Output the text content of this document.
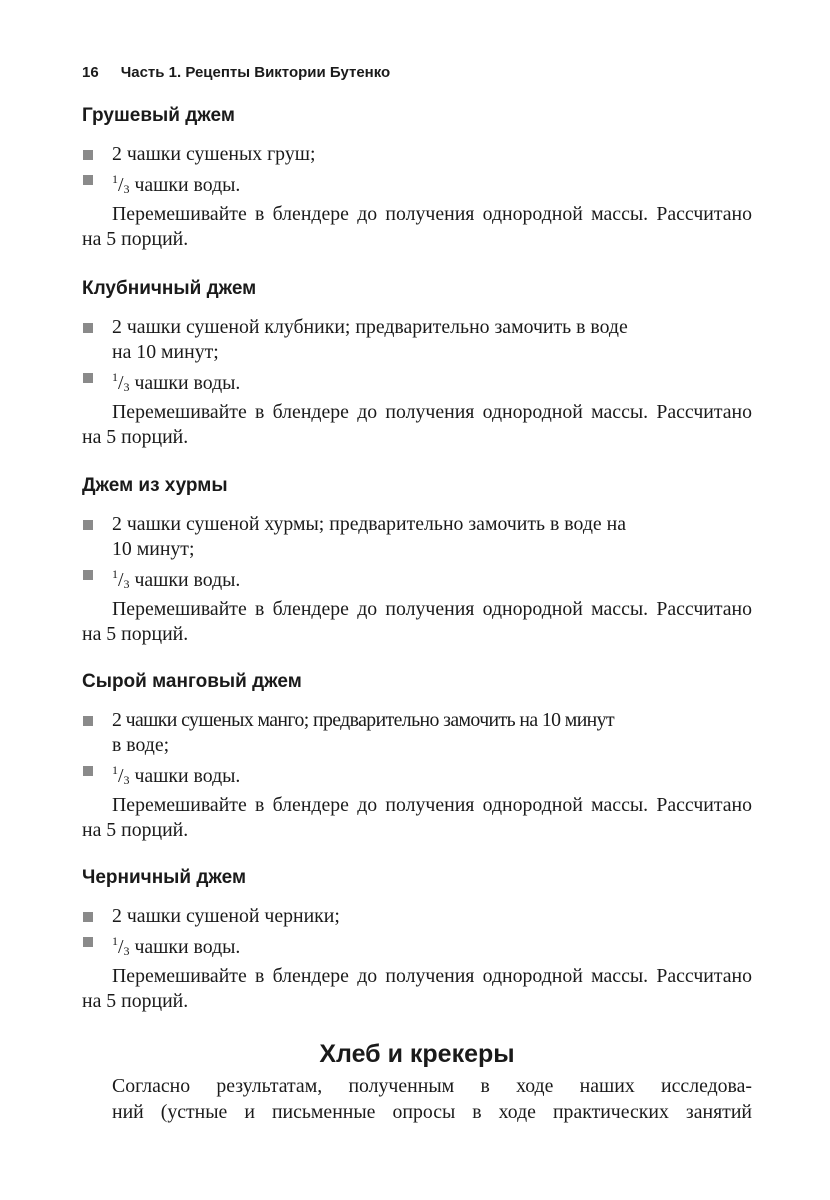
16 Часть 1. Рецепты Виктории Бутенко
Грушевый джем
2 чашки сушеных груш;
$^1$/3 чашки воды.

Перемешивайте в блендере до получения однородной массы. Рассчитано на 5 порций.

Клубничный джем
2 чашки сушеной клубники; предварительно замочить в воде
на 10 минут;
$^1$/3 чашки воды.

Перемешивайте в блендере до получения однородной массы. Рассчитано на 5 порций.

Джем из хурмы
2 чашки сушеной хурмы; предварительно замочить в воде на
10 минут;
$^1$/3 чашки воды.

Перемешивайте в блендере до получения однородной массы. Рассчитано на 5 порций.

Сырой манговый джем
2 чашки сушеных манго; предварительно замочить на 10 минут
в воде;
$^1$/3 чашки воды.

Перемешивайте в блендере до получения однородной массы. Рассчитано на 5 порций.

Черничный джем
2 чашки сушеной черники;
$^1$/3 чашки воды.

Перемешивайте в блендере до получения однородной массы. Рассчитано на 5 порций.

Хлеб и крекеры

Согласно результатам, полученным в ходе наших исследова-
ний (устные и письменные опросы в ходе практических занятий
